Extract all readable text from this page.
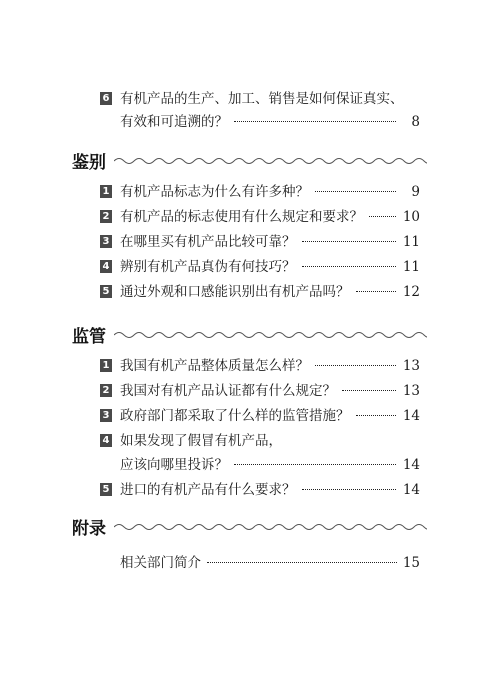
6 有机产品的生产、加工、销售是如何保证真实、
有效和可追溯的？	8
鉴别
1 有机产品标志为什么有许多种？	9
2 有机产品的标志使用有什么规定和要求？	10
3 在哪里买有机产品比较可靠？	11
4 辨别有机产品真伪有何技巧？	11
5 通过外观和口感能识别出有机产品吗？	12
监管
1 我国有机产品整体质量怎么样？	13
2 我国对有机产品认证都有什么规定？	13
3 政府部门都采取了什么样的监管措施？	14
4 如果发现了假冒有机产品，
应该向哪里投诉？	14
5 进口的有机产品有什么要求？	14
附录
相关部门简介	15
